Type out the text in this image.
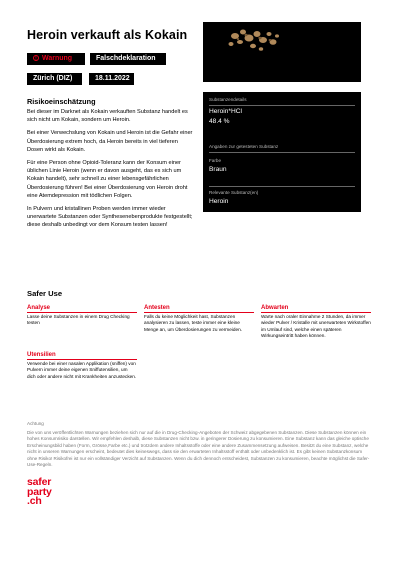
Heroin verkauft als Kokain
! Warnung	Falschdeklaration
Zürich (DIZ)	18.11.2022
Risikoeinschätzung

Bei dieser im Darknet als Kokain verkauften Substanz handelt es sich nicht um Kokain, sondern um Heroin.

Bei einer Verwechslung von Kokain und Heroin ist die Gefahr einer Überdosierung extrem hoch, da Heroin bereits in viel tieferen Dosen wirkt als Kokain.

Für eine Person ohne Opioid-Toleranz kann der Konsum einer üblichen Linie Heroin (wenn er davon ausgeht, das es sich um Kokain handelt), sehr schnell zu einer lebensgefährlichen Überdosierung führen! Bei einer Überdosierung von Heroin droht eine Atemdepression mit tödlichen Folgen.

In Pulvern und kristallinen Proben werden immer wieder unerwartete Substanzen oder Synthesenebenprodukte festgestellt; diese deshalb unbedingt vor dem Konsum testen lassen!

Substanzendetails
Heroin*HCl
48.4 %
Angaben zur getesteten Substanz
Farbe
Braun
Relevante Substanz(en)
Heroin
Safer Use
Analyse
Lasse deine Substanzen in einem Drug Checking testen
Antesten
Falls du keine Möglichkeit hast, Substanzen analysieren zu lassen, teste immer eine kleine Menge an, um Überdosierungen zu vermeiden.
Abwarten
Warte nach oraler Einnahme 2 Stunden, da immer wieder Pulver / Kristalle mit unerwarteten Wirkstoffen im Umlauf sind, welche einen späteren Wirkungseintritt haben können.
Utensilien
Verwende bei einer nasalen Applikation (sniffen) von Pulvern immer deine eigenen Sniffutensilien, um dich oder andere nicht mit Krankheiten anzustecken.
Achtung
Die von uns veröffentlichten Warnungen beziehen sich nur auf die in Drug-Checking-Angeboten der Schweiz abgegebenen Substanzen. Diese Substanzen können ein hohes Konsumrisiko darstellen. Wir empfehlen deshalb, diese Substanzen nicht bzw. in geringerer Dosierung zu konsumieren. Eine Substanz kann das gleiche optische Erscheinungsbild haben (Form, Grösse,Farbe etc.) und trotzdem andere Inhaltsstoffe oder eine andere Zusammensetzung aufweisen. Besitzt du eine Substanz, welche nicht in unseren Warnungen erscheint, bedeutet dies keineswegs, dass sie den erwarteten Inhaltsstoff enthält oder unbedenklich ist. Es gibt keinen Substanzkonsum ohne Risiko! Risikofrei ist nur ein vollständiger Verzicht auf Substanzen. Wenn du dich dennoch entscheidest, Substanzen zu konsumieren, beachte möglichst die Safer-Use-Regeln.
safer
party
.ch
